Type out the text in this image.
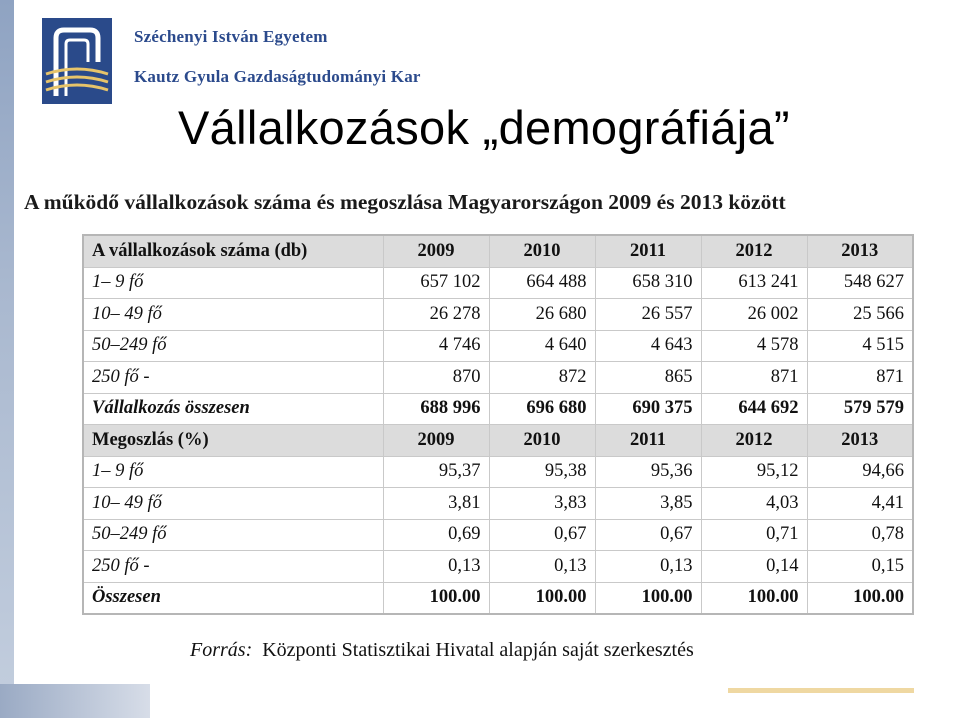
Széchenyi István Egyetem
Kautz Gyula Gazdaságtudományi Kar
Vállalkozások „demográfiája”
A működő vállalkozások száma és megoszlása Magyarországon 2009 és 2013 között
A vállalkozások száma (db)	2009	2010	2011	2012	2013
1– 9 fő	657 102	664 488	658 310	613 241	548 627
10– 49 fő	26 278	26 680	26 557	26 002	25 566
50–249 fő	4 746	4 640	4 643	4 578	4 515
250 fő -	870	872	865	871	871
Vállalkozás összesen	688 996	696 680	690 375	644 692	579 579
Megoszlás (%)	2009	2010	2011	2012	2013
1– 9 fő	95,37	95,38	95,36	95,12	94,66
10– 49 fő	3,81	3,83	3,85	4,03	4,41
50–249 fő	0,69	0,67	0,67	0,71	0,78
250 fő -	0,13	0,13	0,13	0,14	0,15
Összesen	100.00	100.00	100.00	100.00	100.00
Forrás: Központi Statisztikai Hivatal alapján saját szerkesztés
